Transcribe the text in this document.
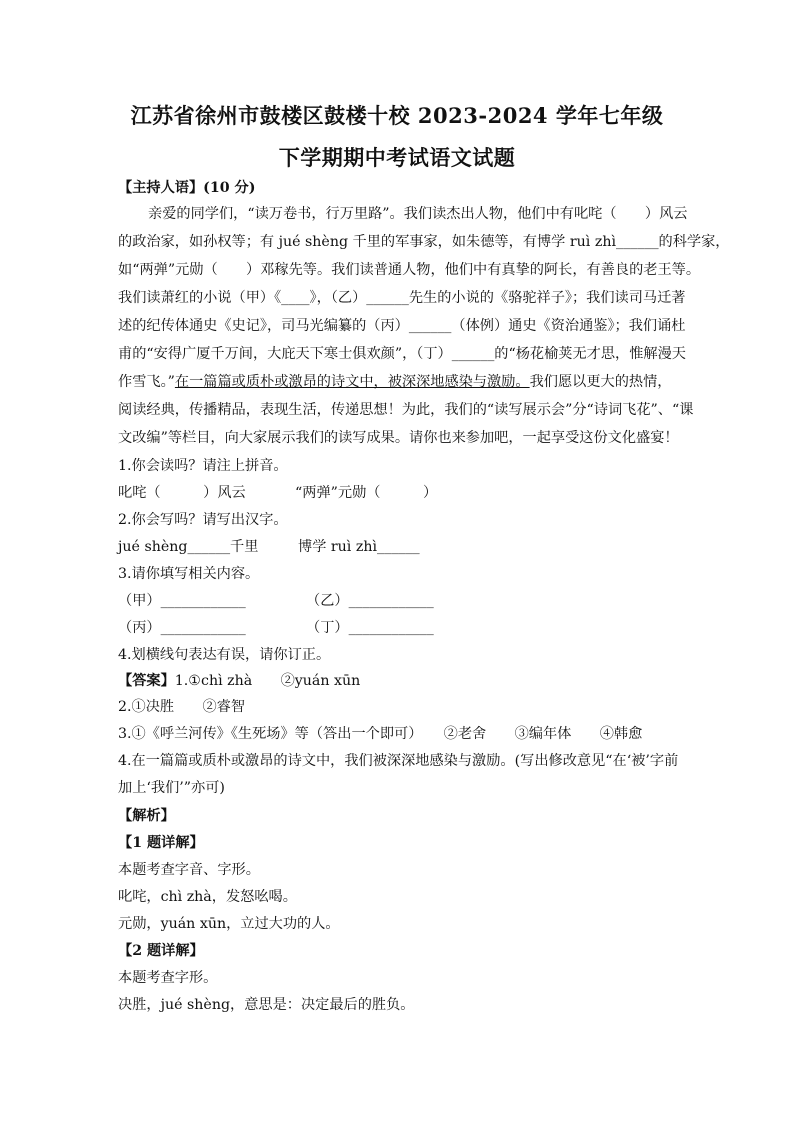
江苏省徐州市鼓楼区鼓楼十校 2023-2024 学年七年级
下学期期中考试语文试题
【主持人语】(10 分)
亲爱的同学们，“读万卷书，行万里路”。我们读杰出人物，他们中有叱咤（　　）风云
的政治家，如孙权等；有 jué shèng 千里的军事家，如朱德等，有博学 ruì zhì______的科学家，
如“两弹”元勋（　　）邓稼先等。我们读普通人物，他们中有真挚的阿长，有善良的老王等。
我们读萧红的小说（甲）《____》，（乙）______先生的小说的《骆驼祥子》；我们读司马迁著
述的纪传体通史《史记》，司马光编纂的（丙）______（体例）通史《资治通鉴》；我们诵杜
甫的“安得广厦千万间，大庇天下寒士俱欢颜”，（丁）______的“杨花榆荚无才思，惟解漫天
作雪飞。”在一篇篇或质朴或激昂的诗文中，被深深地感染与激励。我们愿以更大的热情，
阅读经典，传播精品，表现生活，传递思想！为此，我们的“读写展示会”分“诗词飞花”、“课
文改编”等栏目，向大家展示我们的读写成果。请你也来参加吧，一起享受这份文化盛宴！
1.你会读吗？请注上拼音。
叱咤（　　　）风云	“两弹”元勋（　　　）
2.你会写吗？请写出汉字。
jué shèng______千里	博学 ruì zhì______
3.请你填写相关内容。
（甲）____________	（乙）____________
（丙）____________	（丁）____________
4.划横线句表达有误，请你订正。
【答案】1.①chì zhà　　②yuán xūn
2.①决胜　　②睿智
3.①《呼兰河传》《生死场》等（答出一个即可）　　②老舍　　③编年体　　④韩愈
4.在一篇篇或质朴或激昂的诗文中，我们被深深地感染与激励。(写出修改意见“在‘被’字前
加上‘我们’”亦可)
【解析】
【1 题详解】
本题考查字音、字形。
叱咤，chì zhà，发怒吆喝。
元勋，yuán xūn，立过大功的人。
【2 题详解】
本题考查字形。
决胜，jué shèng，意思是：决定最后的胜负。
